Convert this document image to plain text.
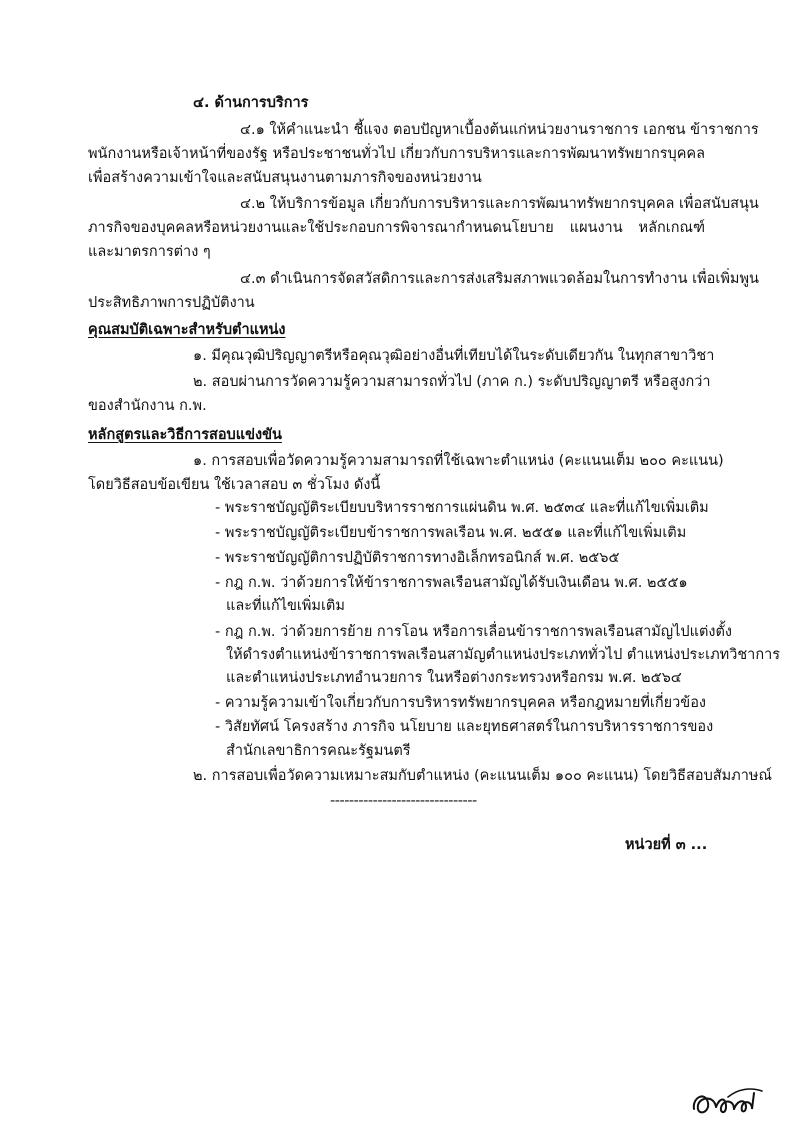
๔. ด้านการบริการ
๔.๑ ให้คำแนะนำ ชี้แจง ตอบปัญหาเบื้องต้นแก่หน่วยงานราชการ เอกชน ข้าราชการ
พนักงานหรือเจ้าหน้าที่ของรัฐ หรือประชาชนทั่วไป เกี่ยวกับการบริหารและการพัฒนาทรัพยากรบุคคล
เพื่อสร้างความเข้าใจและสนับสนุนงานตามภารกิจของหน่วยงาน
๔.๒ ให้บริการข้อมูล เกี่ยวกับการบริหารและการพัฒนาทรัพยากรบุคคล เพื่อสนับสนุน
ภารกิจของบุคคลหรือหน่วยงานและใช้ประกอบการพิจารณากำหนดนโยบาย แผนงาน หลักเกณฑ์
และมาตรการต่าง ๆ
๔.๓ ดำเนินการจัดสวัสดิการและการส่งเสริมสภาพแวดล้อมในการทำงาน เพื่อเพิ่มพูน
ประสิทธิภาพการปฏิบัติงาน
คุณสมบัติเฉพาะสำหรับตำแหน่ง
๑. มีคุณวุฒิปริญญาตรีหรือคุณวุฒิอย่างอื่นที่เทียบได้ในระดับเดียวกัน ในทุกสาขาวิชา
๒. สอบผ่านการวัดความรู้ความสามารถทั่วไป (ภาค ก.) ระดับปริญญาตรี หรือสูงกว่า
ของสำนักงาน ก.พ.
หลักสูตรและวิธีการสอบแข่งขัน
๑. การสอบเพื่อวัดความรู้ความสามารถที่ใช้เฉพาะตำแหน่ง (คะแนนเต็ม ๒๐๐ คะแนน)
โดยวิธีสอบข้อเขียน ใช้เวลาสอบ ๓ ชั่วโมง ดังนี้
- พระราชบัญญัติระเบียบบริหารราชการแผ่นดิน พ.ศ. ๒๕๓๔ และที่แก้ไขเพิ่มเติม
- พระราชบัญญัติระเบียบข้าราชการพลเรือน พ.ศ. ๒๕๕๑ และที่แก้ไขเพิ่มเติม
- พระราชบัญญัติการปฏิบัติราชการทางอิเล็กทรอนิกส์ พ.ศ. ๒๕๖๕
- กฎ ก.พ. ว่าด้วยการให้ข้าราชการพลเรือนสามัญได้รับเงินเดือน พ.ศ. ๒๕๕๑
และที่แก้ไขเพิ่มเติม
- กฎ ก.พ. ว่าด้วยการย้าย การโอน หรือการเลื่อนข้าราชการพลเรือนสามัญไปแต่งตั้ง
ให้ดำรงตำแหน่งข้าราชการพลเรือนสามัญตำแหน่งประเภททั่วไป ตำแหน่งประเภทวิชาการ
และตำแหน่งประเภทอำนวยการ ในหรือต่างกระทรวงหรือกรม พ.ศ. ๒๕๖๔
- ความรู้ความเข้าใจเกี่ยวกับการบริหารทรัพยากรบุคคล หรือกฎหมายที่เกี่ยวข้อง
- วิสัยทัศน์ โครงสร้าง ภารกิจ นโยบาย และยุทธศาสตร์ในการบริหารราชการของ
สำนักเลขาธิการคณะรัฐมนตรี
๒. การสอบเพื่อวัดความเหมาะสมกับตำแหน่ง (คะแนนเต็ม ๑๐๐ คะแนน) โดยวิธีสอบสัมภาษณ์
-------------------------------
หน่วยที่ ๓ ...
